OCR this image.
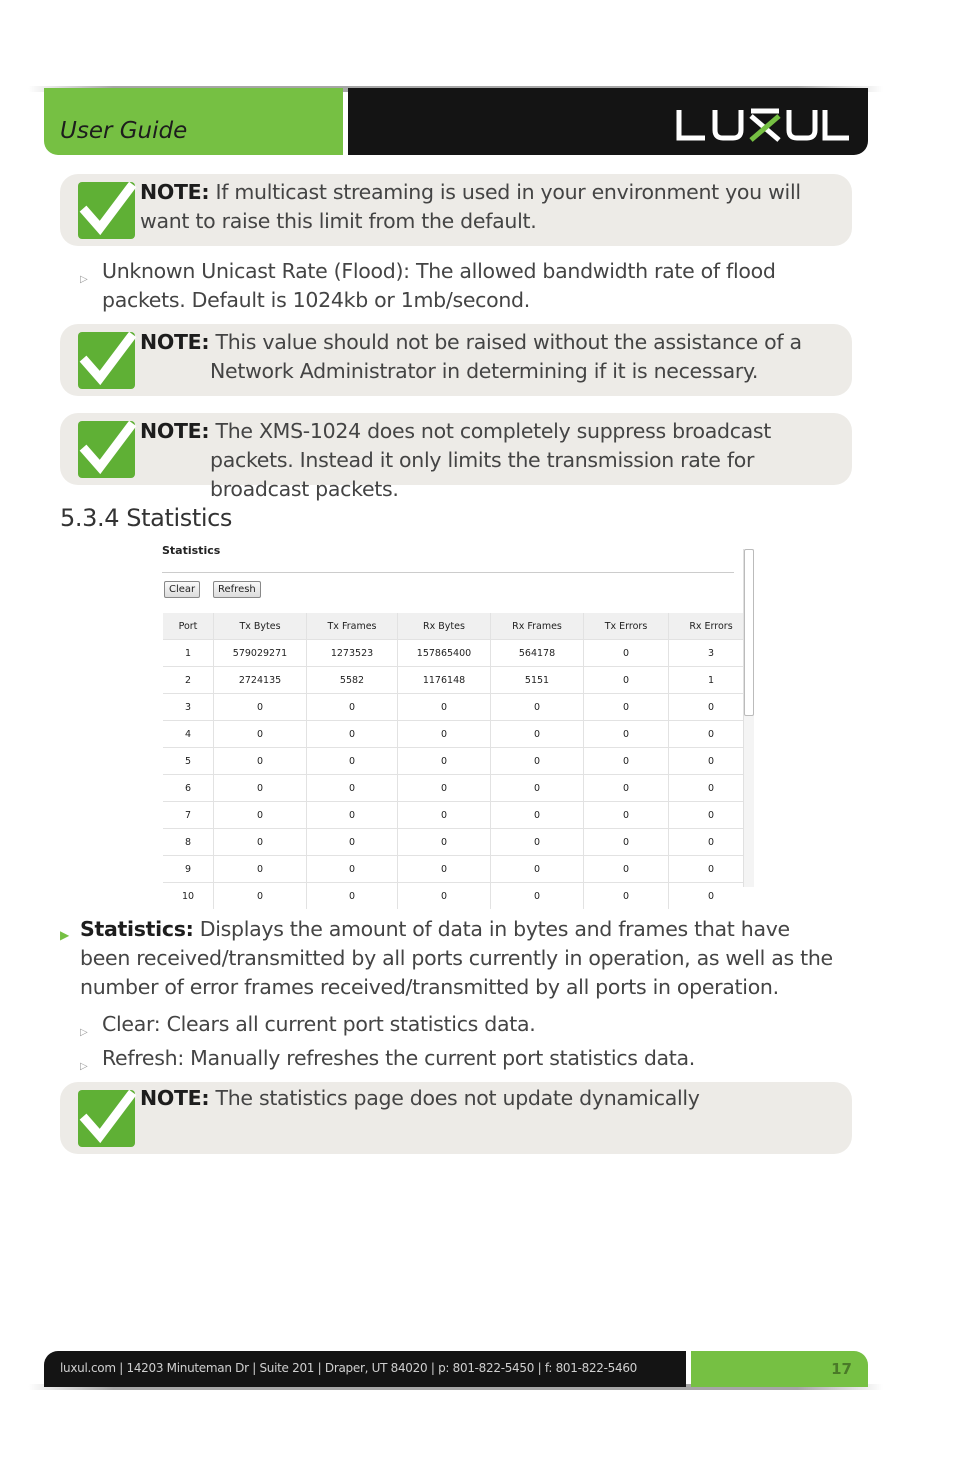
User Guide
NOTE: If multicast streaming is used in your environment you will want to raise this limit from the default.
▷ Unknown Unicast Rate (Flood): The allowed bandwidth rate of flood packets. Default is 1024kb or 1mb/second.
NOTE: This value should not be raised without the assistance of a Network Administrator in determining if it is necessary.
NOTE: The XMS-1024 does not completely suppress broadcast packets. Instead it only limits the transmission rate for broadcast packets.
5.3.4 Statistics
Statistics
Clear	Refresh
Port	Tx Bytes	Tx Frames	Rx Bytes	Rx Frames	Tx Errors	Rx Errors
1	579029271	1273523	157865400	564178	0	3
2	2724135	5582	1176148	5151	0	1
3	0	0	0	0	0	0
4	0	0	0	0	0	0
5	0	0	0	0	0	0
6	0	0	0	0	0	0
7	0	0	0	0	0	0
8	0	0	0	0	0	0
9	0	0	0	0	0	0
10	0	0	0	0	0	0
▶ Statistics: Displays the amount of data in bytes and frames that have been received/transmitted by all ports currently in operation, as well as the number of error frames received/transmitted by all ports in operation.
▷ Clear: Clears all current port statistics data.
▷ Refresh: Manually refreshes the current port statistics data.
NOTE: The statistics page does not update dynamically
luxul.com | 14203 Minuteman Dr | Suite 201 | Draper, UT 84020 | p: 801-822-5450 | f: 801-822-5460	17
